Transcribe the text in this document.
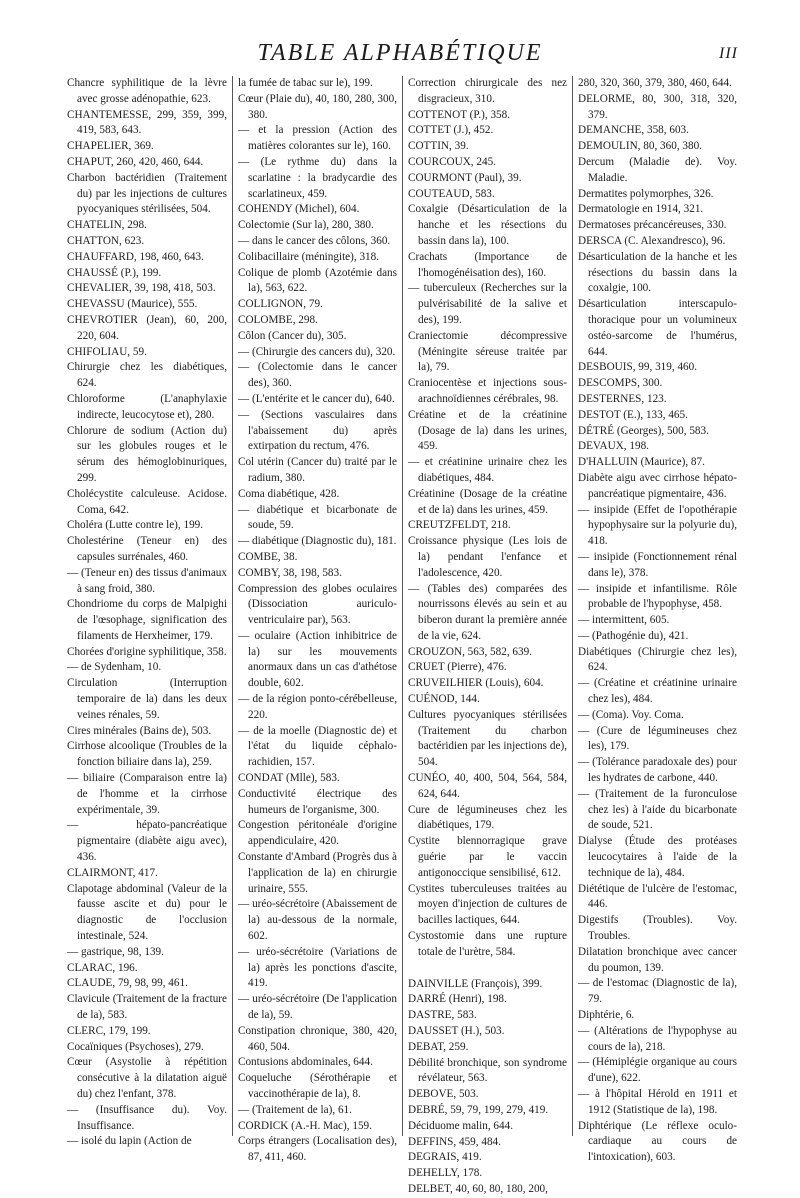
TABLE ALPHABÉTIQUE	III

Chancre syphilitique de la lèvre avec grosse adénopathie, 623.

CHANTEMESSE, 299, 359, 399, 419, 583, 643.

CHAPELIER, 369.

CHAPUT, 260, 420, 460, 644.

Charbon bactéridien (Traitement du) par les injections de cultures pyocyaniques stérilisées, 504.

CHATELIN, 298.

CHATTON, 623.

CHAUFFARD, 198, 460, 643.

CHAUSSÉ (P.), 199.

CHEVALIER, 39, 198, 418, 503.

CHEVASSU (Maurice), 555.

CHEVROTIER (Jean), 60, 200, 220, 604.

CHIFOLIAU, 59.

Chirurgie chez les diabétiques, 624.

Chloroforme (L'anaphylaxie indirecte, leucocytose et), 280.

Chlorure de sodium (Action du) sur les globules rouges et le sérum des hémoglobinuriques, 299.

Cholécystite calculeuse. Acidose. Coma, 642.

Choléra (Lutte contre le), 199.

Cholestérine (Teneur en) des capsules surrénales, 460.

— (Teneur en) des tissus d'animaux à sang froid, 380.

Chondriome du corps de Malpighi de l'œsophage, signification des filaments de Herxheimer, 179.

Chorées d'origine syphilitique, 358.

— de Sydenham, 10.

Circulation (Interruption temporaire de la) dans les deux veines rénales, 59.

Cires minérales (Bains de), 503.

Cirrhose alcoolique (Troubles de la fonction biliaire dans la), 259.

— biliaire (Comparaison entre la) de l'homme et la cirrhose expérimentale, 39.

— hépato-pancréatique pigmentaire (diabète aigu avec), 436.

CLAIRMONT, 417.

Clapotage abdominal (Valeur de la fausse ascite et du) pour le diagnostic de l'occlusion intestinale, 524.

— gastrique, 98, 139.

CLARAC, 196.

CLAUDE, 79, 98, 99, 461.

Clavicule (Traitement de la fracture de la), 583.

CLERC, 179, 199.

Cocaïniques (Psychoses), 279.

Cœur (Asystolie à répétition consécutive à la dilatation aiguë du) chez l'enfant, 378.

— (Insuffisance du). Voy. Insuffisance.

— isolé du lapin (Action de

la fumée de tabac sur le), 199.

Cœur (Plaie du), 40, 180, 280, 300, 380.

— et la pression (Action des matières colorantes sur le), 160.

— (Le rythme du) dans la scarlatine : la bradycardie des scarlatineux, 459.

COHENDY (Michel), 604.

Colectomie (Sur la), 280, 380.

— dans le cancer des côlons, 360.

Colibacillaire (méningite), 318.

Colique de plomb (Azotémie dans la), 563, 622.

COLLIGNON, 79.

COLOMBE, 298.

Côlon (Cancer du), 305.

— (Chirurgie des cancers du), 320.

— (Colectomie dans le cancer des), 360.

— (L'entérite et le cancer du), 640.

— (Sections vasculaires dans l'abaissement du) après extirpation du rectum, 476.

Col utérin (Cancer du) traité par le radium, 380.

Coma diabétique, 428.

— diabétique et bicarbonate de soude, 59.

— diabétique (Diagnostic du), 181.

COMBE, 38.

COMBY, 38, 198, 583.

Compression des globes oculaires (Dissociation auriculo-ventriculaire par), 563.

— oculaire (Action inhibitrice de la) sur les mouvements anormaux dans un cas d'athétose double, 602.

— de la région ponto-cérébelleuse, 220.

— de la moelle (Diagnostic de) et l'état du liquide céphalo-rachidien, 157.

CONDAT (Mlle), 583.

Conductivité électrique des humeurs de l'organisme, 300.

Congestion péritonéale d'origine appendiculaire, 420.

Constante d'Ambard (Progrès dus à l'application de la) en chirurgie urinaire, 555.

— uréo-sécrétoire (Abaissement de la) au-dessous de la normale, 602.

— uréo-sécrétoire (Variations de la) après les ponctions d'ascite, 419.

— uréo-sécrétoire (De l'application de la), 59.

Constipation chronique, 380, 420, 460, 504.

Contusions abdominales, 644.

Coqueluche (Sérothérapie et vaccinothérapie de la), 8.

— (Traitement de la), 61.

CORDICK (A.-H. Mac), 159.

Corps étrangers (Localisation des), 87, 411, 460.

Correction chirurgicale des nez disgracieux, 310.

COTTENOT (P.), 358.

COTTET (J.), 452.

COTTIN, 39.

COURCOUX, 245.

COURMONT (Paul), 39.

COUTEAUD, 583.

Coxalgie (Désarticulation de la hanche et les résections du bassin dans la), 100.

Crachats (Importance de l'homogénéisation des), 160.

— tuberculeux (Recherches sur la pulvérisabilité de la salive et des), 199.

Craniectomie décompressive (Méningite séreuse traitée par la), 79.

Craniocentèse et injections sous-arachnoïdiennes cérébrales, 98.

Créatine et de la créatinine (Dosage de la) dans les urines, 459.

— et créatinine urinaire chez les diabétiques, 484.

Créatinine (Dosage de la créatine et de la) dans les urines, 459.

CREUTZFELDT, 218.

Croissance physique (Les lois de la) pendant l'enfance et l'adolescence, 420.

— (Tables des) comparées des nourrissons élevés au sein et au biberon durant la première année de la vie, 624.

CROUZON, 563, 582, 639.

CRUET (Pierre), 476.

CRUVEILHIER (Louis), 604.

CUÉNOD, 144.

Cultures pyocyaniques stérilisées (Traitement du charbon bactéridien par les injections de), 504.

CUNÉO, 40, 400, 504, 564, 584, 624, 644.

Cure de légumineuses chez les diabétiques, 179.

Cystite blennorragique grave guérie par le vaccin antigonoccique sensibilisé, 612.

Cystites tuberculeuses traitées au moyen d'injection de cultures de bacilles lactiques, 644.

Cystostomie dans une rupture totale de l'urètre, 584.

DAINVILLE (François), 399.

DARRÉ (Henri), 198.

DASTRE, 583.

DAUSSET (H.), 503.

DEBAT, 259.

Débilité bronchique, son syndrome révélateur, 563.

DEBOVE, 503.

DEBRÉ, 59, 79, 199, 279, 419.

Déciduome malin, 644.

DEFFINS, 459, 484.

DEGRAIS, 419.

DEHELLY, 178.

DELBET, 40, 60, 80, 180, 200,

280, 320, 360, 379, 380, 460, 644.

DELORME, 80, 300, 318, 320, 379.

DEMANCHE, 358, 603.

DEMOULIN, 80, 360, 380.

Dercum (Maladie de). Voy. Maladie.

Dermatites polymorphes, 326.

Dermatologie en 1914, 321.

Dermatoses précancéreuses, 330.

DERSCA (C. Alexandresco), 96.

Désarticulation de la hanche et les résections du bassin dans la coxalgie, 100.

Désarticulation interscapulo-thoracique pour un volumineux ostéo-sarcome de l'humérus, 644.

DESBOUIS, 99, 319, 460.

DESCOMPS, 300.

DESTERNES, 123.

DESTOT (E.), 133, 465.

DÉTRÉ (Georges), 500, 583.

DEVAUX, 198.

D'HALLUIN (Maurice), 87.

Diabète aigu avec cirrhose hépato-pancréatique pigmentaire, 436.

— insipide (Effet de l'opothérapie hypophysaire sur la polyurie du), 418.

— insipide (Fonctionnement rénal dans le), 378.

— insipide et infantilisme. Rôle probable de l'hypophyse, 458.

— intermittent, 605.

— (Pathogénie du), 421.

Diabétiques (Chirurgie chez les), 624.

— (Créatine et créatinine urinaire chez les), 484.

— (Coma). Voy. Coma.

— (Cure de légumineuses chez les), 179.

— (Tolérance paradoxale des) pour les hydrates de carbone, 440.

— (Traitement de la furonculose chez les) à l'aide du bicarbonate de soude, 521.

Dialyse (Étude des protéases leucocytaires à l'aide de la technique de la), 484.

Diététique de l'ulcère de l'estomac, 446.

Digestifs (Troubles). Voy. Troubles.

Dilatation bronchique avec cancer du poumon, 139.

— de l'estomac (Diagnostic de la), 79.

Diphtérie, 6.

— (Altérations de l'hypophyse au cours de la), 218.

— (Hémiplégie organique au cours d'une), 622.

— à l'hôpital Hérold en 1911 et 1912 (Statistique de la), 198.

Diphtérique (Le réflexe oculo-cardiaque au cours de l'intoxication), 603.
